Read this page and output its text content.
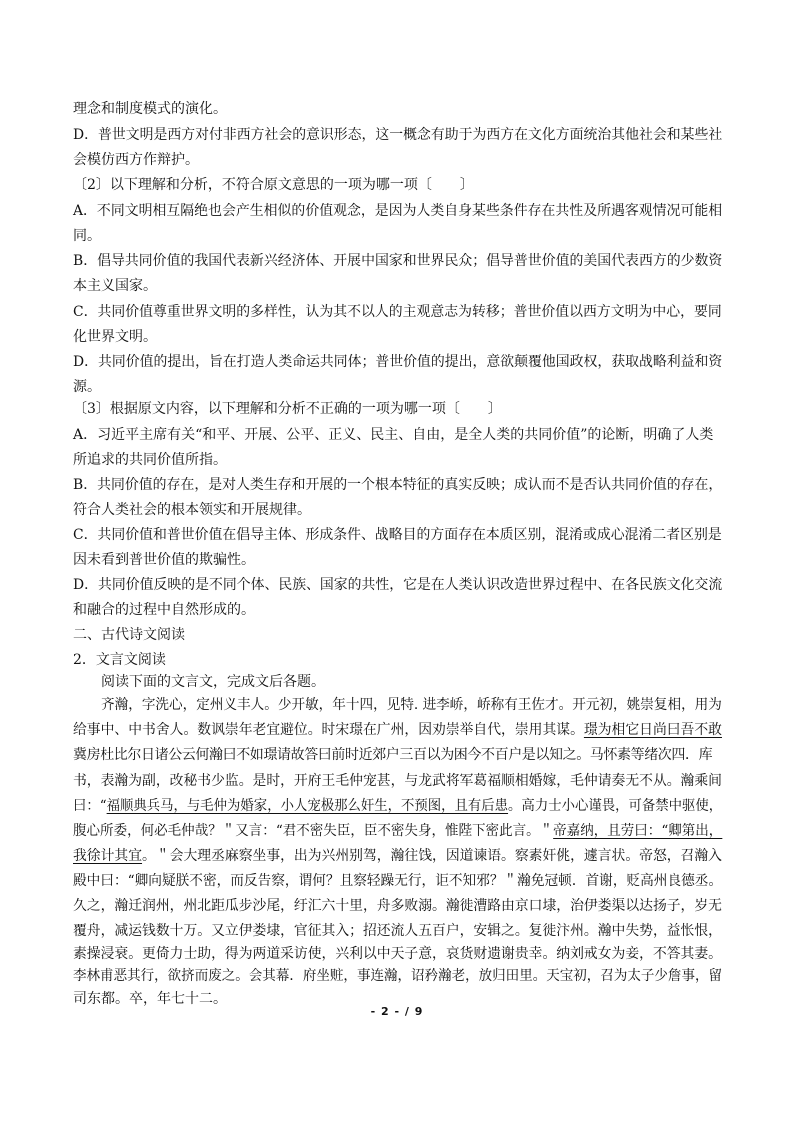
理念和制度模式的演化。
D．普世文明是西方对付非西方社会的意识形态，这一概念有助于为西方在文化方面统治其他社会和某些社
会模仿西方作辩护。
〔2〕以下理解和分析，不符合原文意思的一项为哪一项〔　　〕
A．不同文明相互隔绝也会产生相似的价值观念，是因为人类自身某些条件存在共性及所遇客观情况可能相
同。
B．倡导共同价值的我国代表新兴经济体、开展中国家和世界民众；倡导普世价值的美国代表西方的少数资
本主义国家。
C．共同价值尊重世界文明的多样性，认为其不以人的主观意志为转移；普世价值以西方文明为中心，要同
化世界文明。
D．共同价值的提出，旨在打造人类命运共同体；普世价值的提出，意欲颠覆他国政权，获取战略利益和资
源。
〔3〕根据原文内容，以下理解和分析不正确的一项为哪一项〔　　〕
A．习近平主席有关“和平、开展、公平、正义、民主、自由，是全人类的共同价值”的论断，明确了人类
所追求的共同价值所指。
B．共同价值的存在，是对人类生存和开展的一个根本特征的真实反映；成认而不是否认共同价值的存在，
符合人类社会的根本领实和开展规律。
C．共同价值和普世价值在倡导主体、形成条件、战略目的方面存在本质区别，混淆或成心混淆二者区别是
因未看到普世价值的欺骗性。
D．共同价值反映的是不同个体、民族、国家的共性，它是在人类认识改造世界过程中、在各民族文化交流
和融合的过程中自然形成的。
二、古代诗文阅读
2．文言文阅读
阅读下面的文言文，完成文后各题。
齐瀚，字洗心，定州义丰人。少开敏，年十四，见特. 进李峤，峤称有王佐才。开元初，姚崇复相，用为
给事中、中书舍人。数讽崇年老宜避位。时宋璟在广州，因劝崇举自代，崇用其谋。璟为相它日尚曰吾不敢
冀房杜比尔日诸公云何瀚曰不如璟请故答曰前时近郊户三百以为困今不百户是以知之。马怀素等绪次四．库
书，表瀚为副，改秘书少监。是时，开府王毛仲宠甚，与龙武将军葛福顺相婚嫁，毛仲请奏无不从。瀚乘间
曰：“福顺典兵马，与毛仲为婚家，小人宠极那么奸生，不预图，且有后患。高力士小心谨畏，可备禁中驱使，
腹心所委，何必毛仲哉？＂又言：“君不密失臣，臣不密失身，惟陛下密此言。＂帝嘉纳，且劳曰：“卿第出，
我徐计其宜。＂会大理丞麻察坐事，出为兴州别驾，瀚往饯，因道谏语。察素奸佻，遽言状。帝怒，召瀚入
殿中曰：“卿向疑朕不密，而反告察，谓何？且察轻躁无行，讵不知邪？＂瀚免冠顿．首谢，贬高州良德丞。
久之，瀚迁润州，州北距瓜步沙尾，纡汇六十里，舟多败溺。瀚徙漕路由京口埭，治伊娄渠以达扬子，岁无
覆舟，减运钱数十万。又立伊娄埭，官征其入；招还流人五百户，安辑之。复徙汴州。瀚中失势，益怅恨，
素操浸衰。更倚力士助，得为两道采访使，兴利以中天子意，哀货财遗谢贵幸。纳刘戒女为妾，不答其妻。
李林甫恶其行，欲挤而废之。会其幕．府坐赃，事连瀚，诏矜瀚老，放归田里。天宝初，召为太子少詹事，留
司东都。卒，年七十二。
- 2 - / 9
